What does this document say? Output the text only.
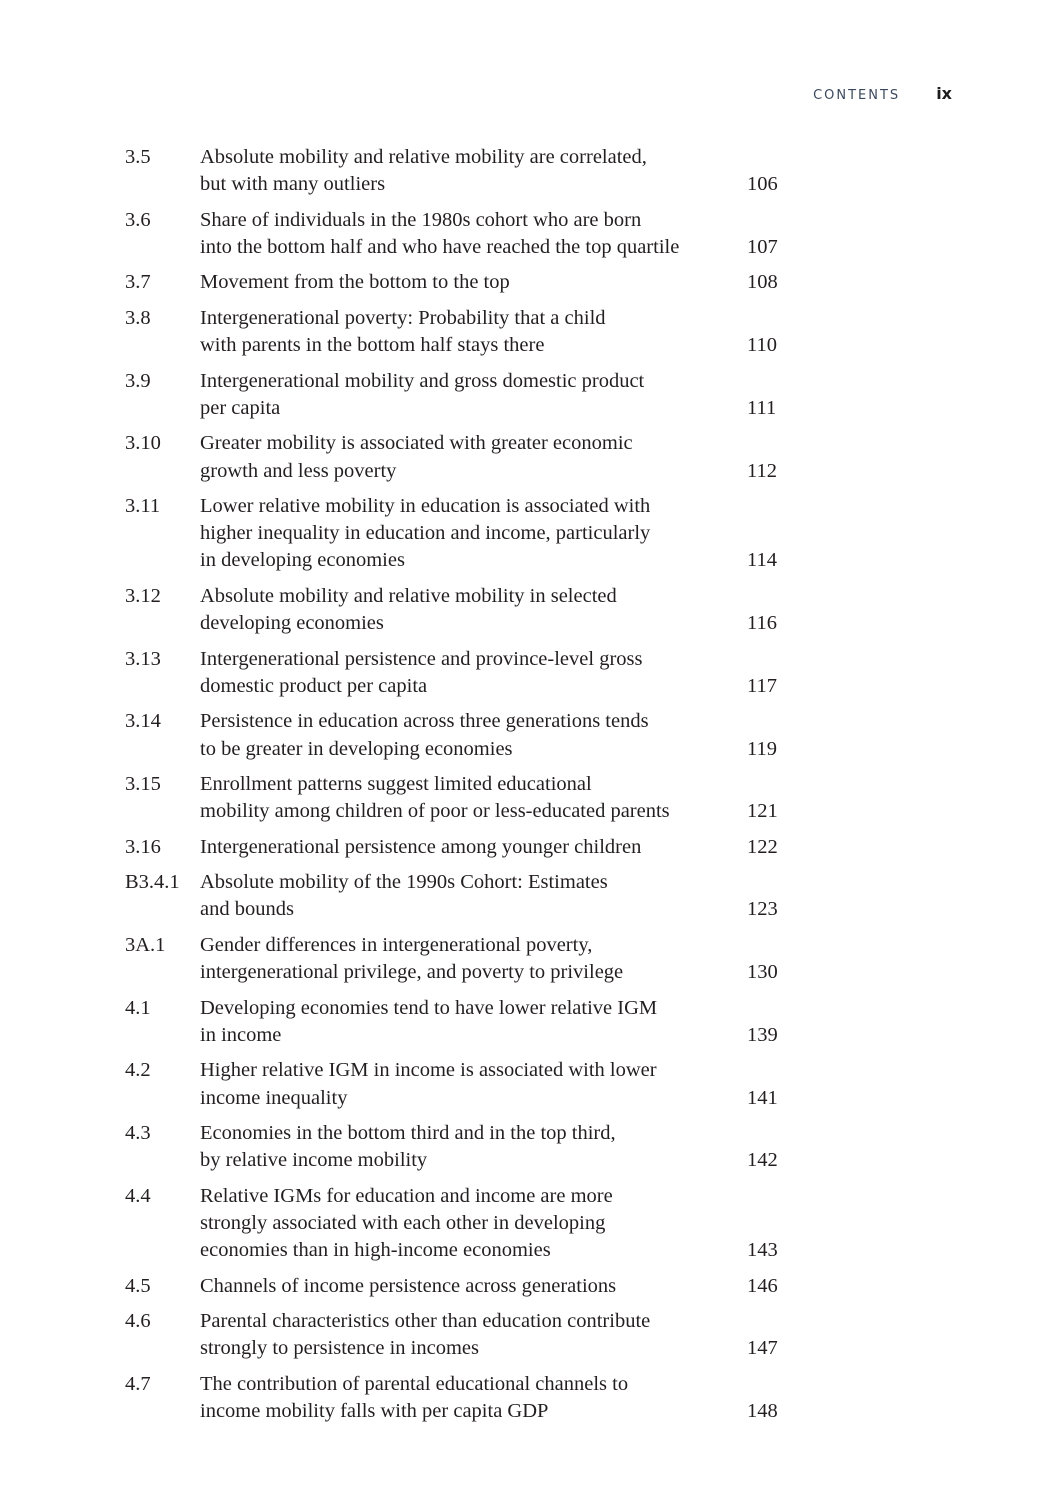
CONTENTS ix
3.5	Absolute mobility and relative mobility are correlated,
but with many outliers	106
3.6	Share of individuals in the 1980s cohort who are born
into the bottom half and who have reached the top quartile	107
3.7	Movement from the bottom to the top	108
3.8	Intergenerational poverty: Probability that a child
with parents in the bottom half stays there	110
3.9	Intergenerational mobility and gross domestic product
per capita	111
3.10	Greater mobility is associated with greater economic
growth and less poverty	112
3.11	Lower relative mobility in education is associated with
higher inequality in education and income, particularly
in developing economies	114
3.12	Absolute mobility and relative mobility in selected
developing economies	116
3.13	Intergenerational persistence and province-level gross
domestic product per capita	117
3.14	Persistence in education across three generations tends
to be greater in developing economies	119
3.15	Enrollment patterns suggest limited educational
mobility among children of poor or less-educated parents	121
3.16	Intergenerational persistence among younger children	122
B3.4.1 Absolute mobility of the 1990s Cohort: Estimates
and bounds	123
3A.1	Gender differences in intergenerational poverty,
intergenerational privilege, and poverty to privilege	130
4.1	Developing economies tend to have lower relative IGM
in income	139
4.2	Higher relative IGM in income is associated with lower
income inequality	141
4.3	Economies in the bottom third and in the top third,
by relative income mobility	142
4.4	Relative IGMs for education and income are more
strongly associated with each other in developing
economies than in high-income economies	143
4.5	Channels of income persistence across generations	146
4.6	Parental characteristics other than education contribute
strongly to persistence in incomes	147
4.7	The contribution of parental educational channels to
income mobility falls with per capita GDP	148
